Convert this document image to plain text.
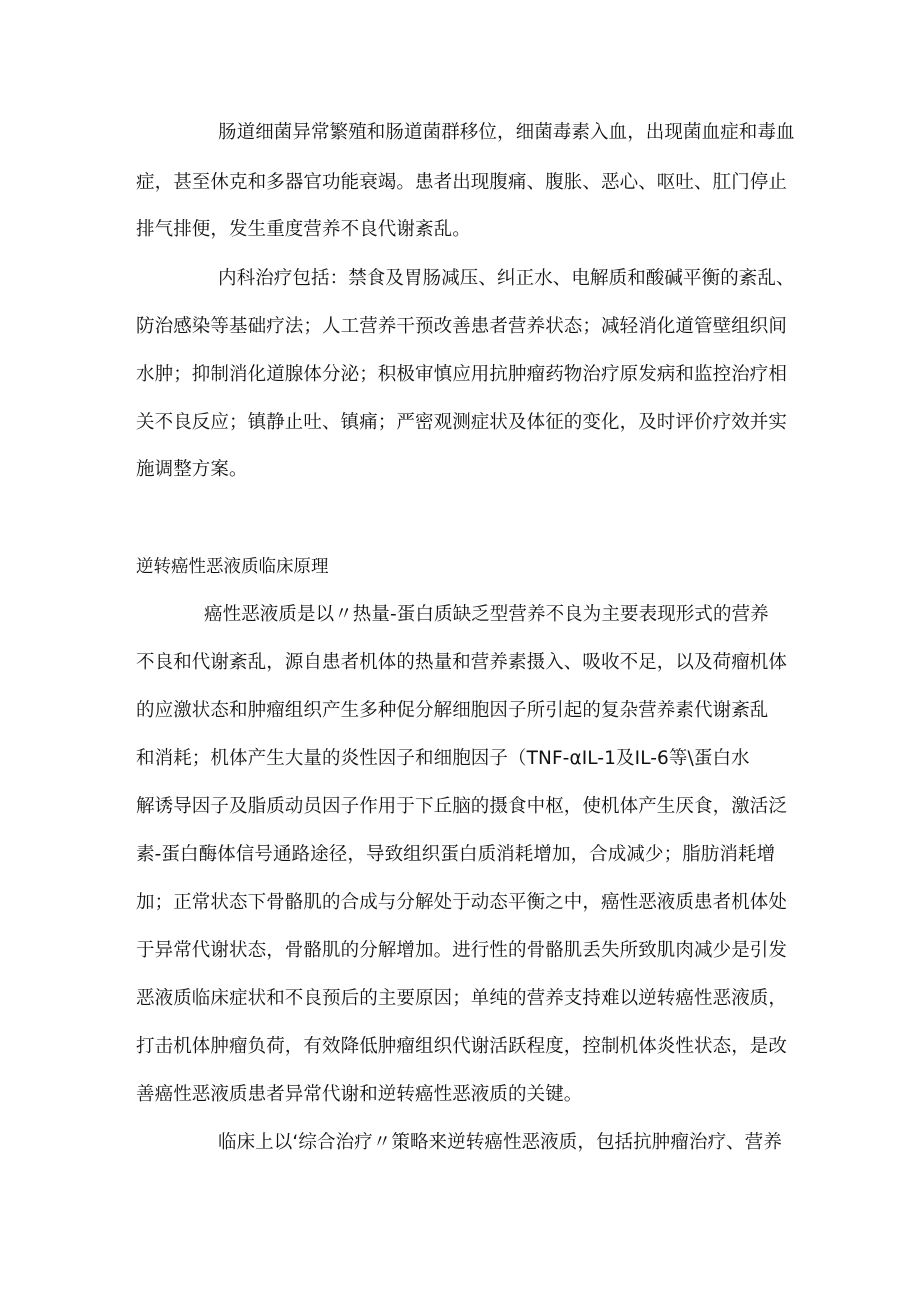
肠道细菌异常繁殖和肠道菌群移位，细菌毒素入血，出现菌血症和毒血
症，甚至休克和多器官功能衰竭。患者出现腹痛、腹胀、恶心、呕吐、肛门停止
排气排便，发生重度营养不良代谢紊乱。
内科治疗包括：禁食及胃肠减压、纠正水、电解质和酸碱平衡的紊乱、
防治感染等基础疗法；人工营养干预改善患者营养状态；减轻消化道管壁组织间
水肿；抑制消化道腺体分泌；积极审慎应用抗肿瘤药物治疗原发病和监控治疗相
关不良反应；镇静止吐、镇痛；严密观测症状及体征的变化，及时评价疗效并实
施调整方案。
逆转癌性恶液质临床原理
癌性恶液质是以〃热量-蛋白质缺乏型营养不良为主要表现形式的营养
不良和代谢紊乱，源自患者机体的热量和营养素摄入、吸收不足，以及荷瘤机体
的应激状态和肿瘤组织产生多种促分解细胞因子所引起的复杂营养素代谢紊乱
和消耗；机体产生大量的炎性因子和细胞因子（TNF-αIL-1及IL-6等\蛋白水
解诱导因子及脂质动员因子作用于下丘脑的摄食中枢，使机体产生厌食，激活泛
素-蛋白酶体信号通路途径，导致组织蛋白质消耗增加，合成减少；脂肪消耗增
加；正常状态下骨骼肌的合成与分解处于动态平衡之中，癌性恶液质患者机体处
于异常代谢状态，骨骼肌的分解增加。进行性的骨骼肌丢失所致肌肉减少是引发
恶液质临床症状和不良预后的主要原因；单纯的营养支持难以逆转癌性恶液质，
打击机体肿瘤负荷，有效降低肿瘤组织代谢活跃程度，控制机体炎性状态，是改
善癌性恶液质患者异常代谢和逆转癌性恶液质的关键。
临床上以‘综合治疗〃策略来逆转癌性恶液质，包括抗肿瘤治疗、营养
